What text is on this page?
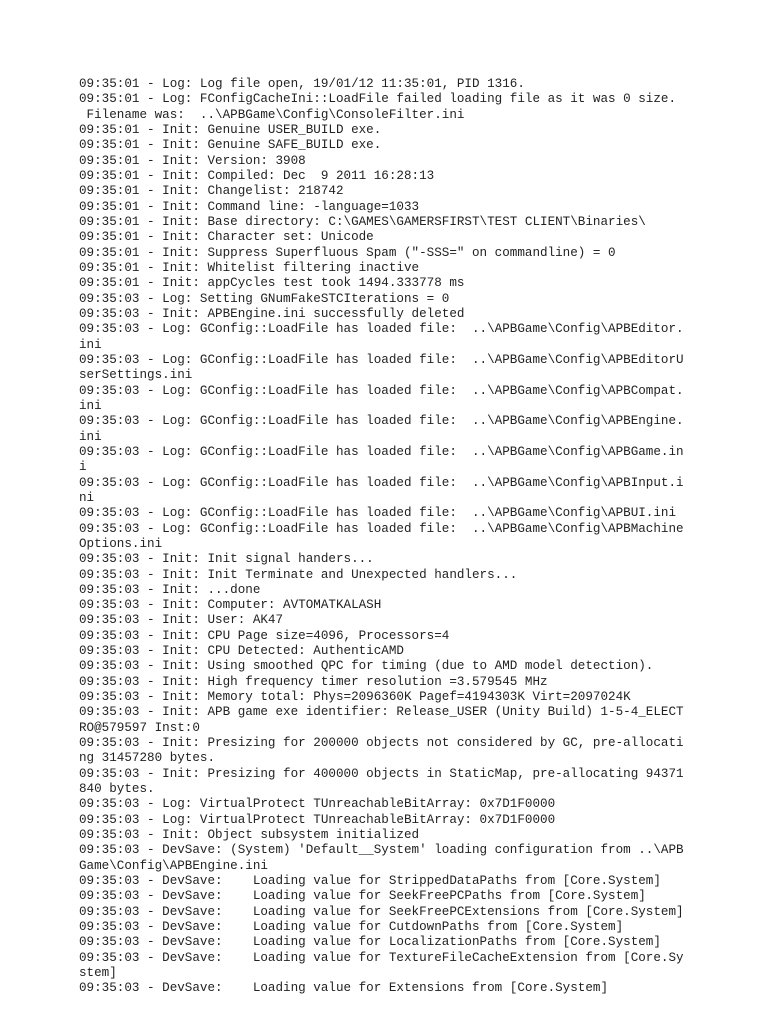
09:35:01 - Log: Log file open, 19/01/12 11:35:01, PID 1316.
09:35:01 - Log: FConfigCacheIni::LoadFile failed loading file as it was 0 size.
Filename was:  ..\APBGame\Config\ConsoleFilter.ini
09:35:01 - Init: Genuine USER_BUILD exe.
09:35:01 - Init: Genuine SAFE_BUILD exe.
09:35:01 - Init: Version: 3908
09:35:01 - Init: Compiled: Dec  9 2011 16:28:13
09:35:01 - Init: Changelist: 218742
09:35:01 - Init: Command line: -language=1033
09:35:01 - Init: Base directory: C:\GAMES\GAMERSFIRST\TEST CLIENT\Binaries\
09:35:01 - Init: Character set: Unicode
09:35:01 - Init: Suppress Superfluous Spam ("-SSS=" on commandline) = 0
09:35:01 - Init: Whitelist filtering inactive
09:35:01 - Init: appCycles test took 1494.333778 ms
09:35:03 - Log: Setting GNumFakeSTCIterations = 0
09:35:03 - Init: APBEngine.ini successfully deleted
09:35:03 - Log: GConfig::LoadFile has loaded file:  ..\APBGame\Config\APBEditor.
ini
09:35:03 - Log: GConfig::LoadFile has loaded file:  ..\APBGame\Config\APBEditorU
serSettings.ini
09:35:03 - Log: GConfig::LoadFile has loaded file:  ..\APBGame\Config\APBCompat.
ini
09:35:03 - Log: GConfig::LoadFile has loaded file:  ..\APBGame\Config\APBEngine.
ini
09:35:03 - Log: GConfig::LoadFile has loaded file:  ..\APBGame\Config\APBGame.in
i
09:35:03 - Log: GConfig::LoadFile has loaded file:  ..\APBGame\Config\APBInput.i
ni
09:35:03 - Log: GConfig::LoadFile has loaded file:  ..\APBGame\Config\APBUI.ini
09:35:03 - Log: GConfig::LoadFile has loaded file:  ..\APBGame\Config\APBMachine
Options.ini
09:35:03 - Init: Init signal handers...
09:35:03 - Init: Init Terminate and Unexpected handlers...
09:35:03 - Init: ...done
09:35:03 - Init: Computer: AVTOMATKALASH
09:35:03 - Init: User: AK47
09:35:03 - Init: CPU Page size=4096, Processors=4
09:35:03 - Init: CPU Detected: AuthenticAMD
09:35:03 - Init: Using smoothed QPC for timing (due to AMD model detection).
09:35:03 - Init: High frequency timer resolution =3.579545 MHz
09:35:03 - Init: Memory total: Phys=2096360K Pagef=4194303K Virt=2097024K
09:35:03 - Init: APB game exe identifier: Release_USER (Unity Build) 1-5-4_ELECT
RO@579597 Inst:0
09:35:03 - Init: Presizing for 200000 objects not considered by GC, pre-allocati
ng 31457280 bytes.
09:35:03 - Init: Presizing for 400000 objects in StaticMap, pre-allocating 94371
840 bytes.
09:35:03 - Log: VirtualProtect TUnreachableBitArray: 0x7D1F0000
09:35:03 - Log: VirtualProtect TUnreachableBitArray: 0x7D1F0000
09:35:03 - Init: Object subsystem initialized
09:35:03 - DevSave: (System) 'Default__System' loading configuration from ..\APB
Game\Config\APBEngine.ini
09:35:03 - DevSave:    Loading value for StrippedDataPaths from [Core.System]
09:35:03 - DevSave:    Loading value for SeekFreePCPaths from [Core.System]
09:35:03 - DevSave:    Loading value for SeekFreePCExtensions from [Core.System]
09:35:03 - DevSave:    Loading value for CutdownPaths from [Core.System]
09:35:03 - DevSave:    Loading value for LocalizationPaths from [Core.System]
09:35:03 - DevSave:    Loading value for TextureFileCacheExtension from [Core.Sy
stem]
09:35:03 - DevSave:    Loading value for Extensions from [Core.System]
